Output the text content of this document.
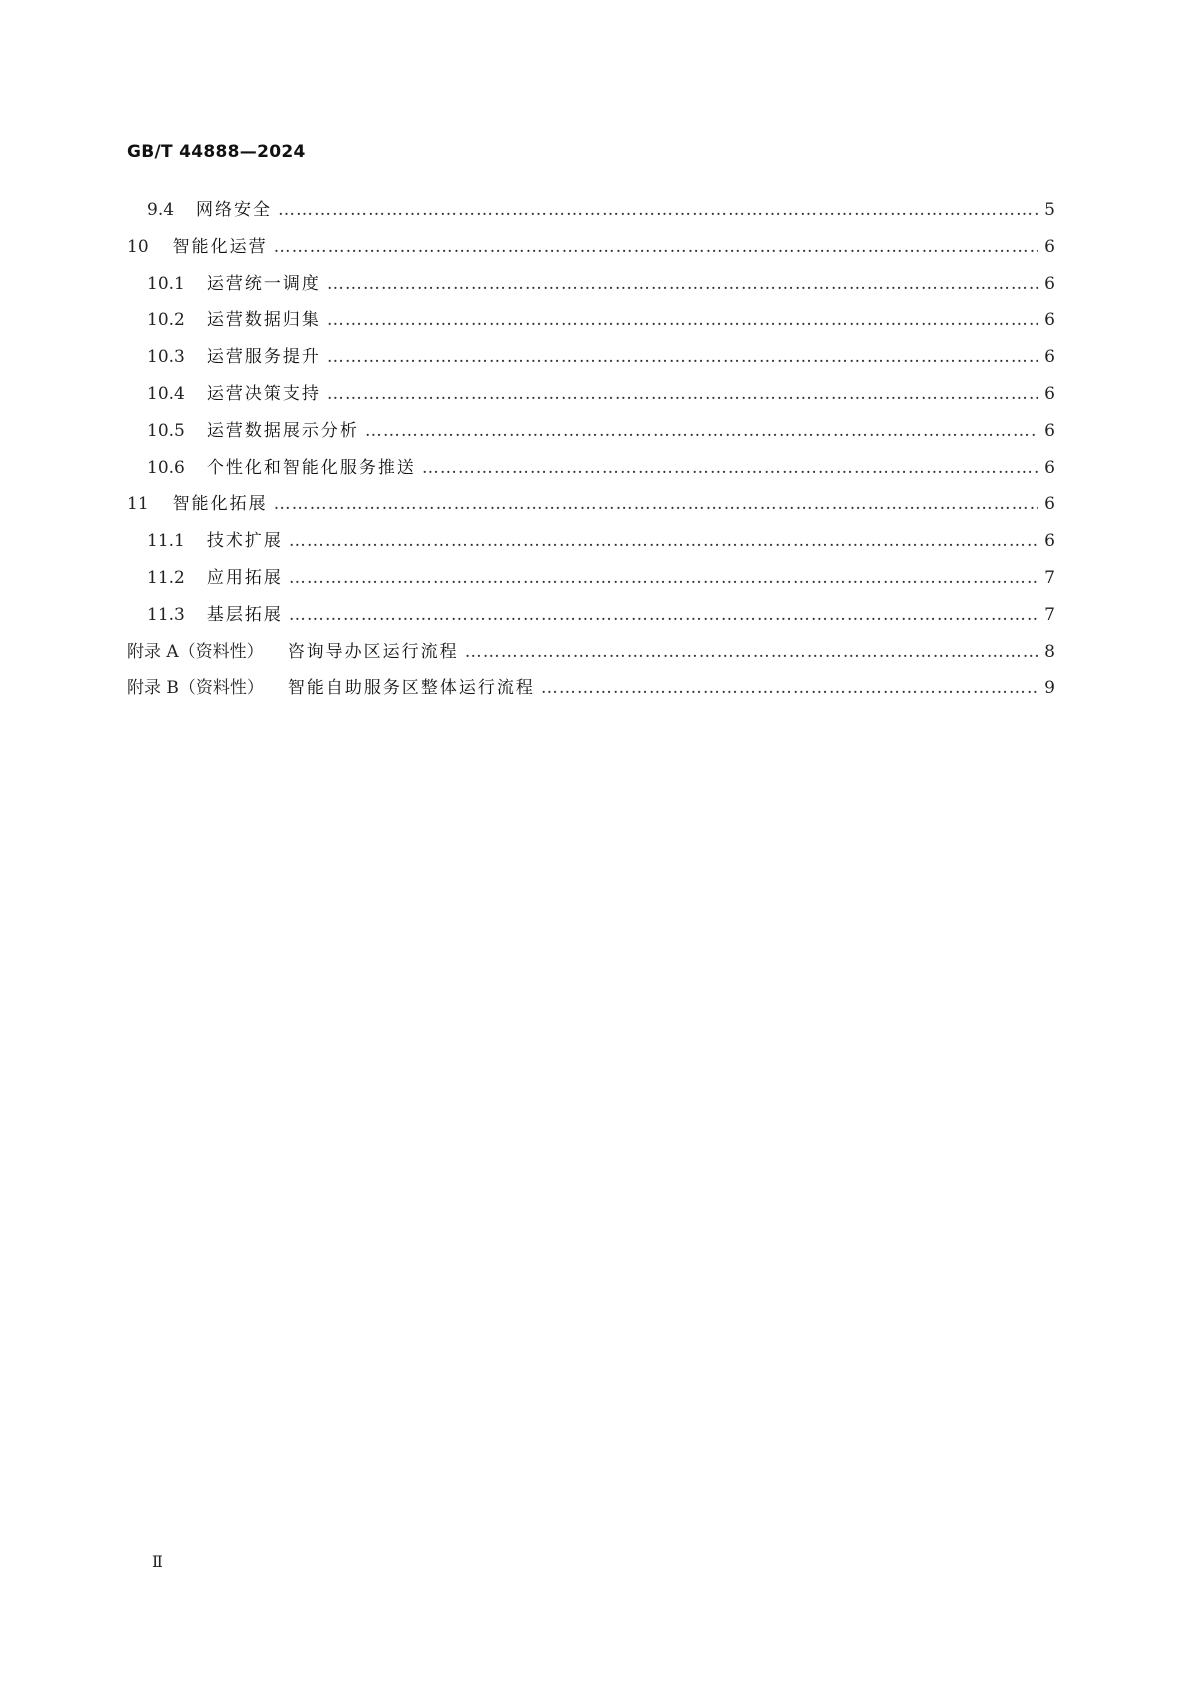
GB/T 44888—2024
9.4 网络安全 ……………………………………………………………………………………………………………………………………………………………………………………………………………	5
10 智能化运营 ……………………………………………………………………………………………………………………………………………………………………………………………………………	6
10.1 运营统一调度 ……………………………………………………………………………………………………………………………………………………………………………………………………………	6
10.2 运营数据归集 ……………………………………………………………………………………………………………………………………………………………………………………………………………	6
10.3 运营服务提升 ……………………………………………………………………………………………………………………………………………………………………………………………………………	6
10.4 运营决策支持 ……………………………………………………………………………………………………………………………………………………………………………………………………………	6
10.5 运营数据展示分析 ……………………………………………………………………………………………………………………………………………………………………………………………………………	6
10.6 个性化和智能化服务推送 ……………………………………………………………………………………………………………………………………………………………………………………………………………	6
11 智能化拓展 ……………………………………………………………………………………………………………………………………………………………………………………………………………	6
11.1 技术扩展 ……………………………………………………………………………………………………………………………………………………………………………………………………………	6
11.2 应用拓展 ……………………………………………………………………………………………………………………………………………………………………………………………………………	7
11.3 基层拓展 ……………………………………………………………………………………………………………………………………………………………………………………………………………	7
附录 A（资料性） 咨询导办区运行流程 ……………………………………………………………………………………………………………………………………………………………………………………………………………	8
附录 B（资料性） 智能自助服务区整体运行流程 ……………………………………………………………………………………………………………………………………………………………………………………………………………	9
Ⅱ
